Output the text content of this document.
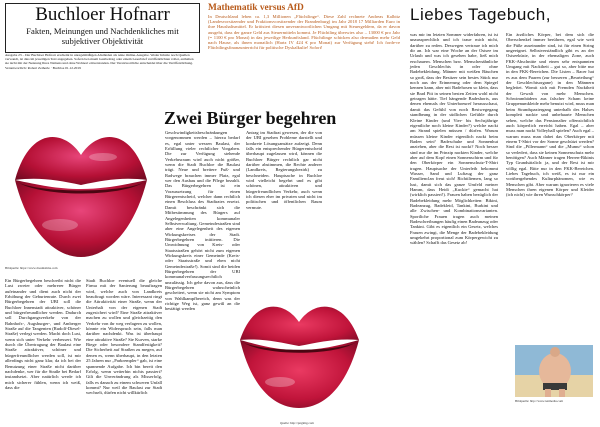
Buchloer Hofnarr
Fakten, Meinungen und Nachdenkliches mit subjektiver Objektivität
Ausgabe 23 – Der Buchloer Hofnarr erscheint in unregelmäßigen Abständen als reine Online-Ausgabe. Weder Inhalte noch Quellen verwandt, ist dies im jeweiligen Text angegeben. Sofern bei einem Gastbeitrag oder einem Leserbrief veröffentlichten voller, enthalten sie nicht mit der Nennung Ihres Namens und ohne Wohnort einverstanden. Der Verantwortliche entscheidet über die Veröffentlichung. Verantwortlich: Robert Zeiherle · Buchloe 01.12.2019
Mathematik versus AfD
In Deutschland leben ca. 1,3 Millionen „Flüchtlinge“. Diese Zahl rechnete Andreas Kalbitz (Landesvorsitzender und Fraktionsvorsitzender der Brandenburg) im Jahr 2018 17 Milliarden Euro in ihre Haushaltsmittel. Er kritisiert diesen unverantwortlichen Umgang mit Steuergeldern, da er davon ausgeht, dass der ganze Geld aus Steuermitteln kommt. Je Flüchtling überwies also – 13000 € pro Jahr (= 1100 € pro Monat) in das jeweilige Herkunftsland. Flüchtlinge schicken also dermaßen mehr Geld nach Hause, als ihnen monatlich (Hartz IV 424 € pro Monat) zur Verfügung steht! Ich forde-re Flüchtlingsfinanzunterricht für politische Dyskalkulie! Sofort!
Liebes Tagebuch,
Bildquelle: https://www.dreamstime.com
Zwei Bürger begehren
Quelle: http://pngimg.com

Ein Bürgerbegehren beschreibt nicht die Lust zweier oder mehrerer Bürger aufeinander und dient auch nicht der Erhöhung der Geburtenrate. Durch zwei Bürgerbegehren der UBI soll die Buchloer Innenstadt attraktiver, schöner und bürgerfreundlicher werden. Dadurch soll Durchgangsverkehr von der Bahnhofs-, Augsburger-, und Amberger Straße auf die Tangenten (Rudolf-Diesel-Straße) verlegt werden. Macht doch Lust, wenn sich unter Verkehr verbessert. Wie durch die Übertragung der Baulast eine Straße attraktiver, schöner und bürgerfreundlicher werden soll, ist mir allerdings nicht ganz klar, da ich bei der Benutzung einer Straße nicht darüber nachdenke, wer für die Straße bei Bedarf instandsetzt. Aber natürlich werde ich mich sicherer fühlen, wenn ich weiß, dass die

Stadt Buchloe eventuell die gleiche Firma mit der Sanierung beauftragen wird, welche auch von Landkreis beauftragt worden wäre. Interessant ringt die Attraktivität einer Straße, wenn der Unterhalt von der eigenen Stadt zugesichert wird? Eine Straße attraktiver machen zu wollen und gleichzeitig den Verkehr von ihr weg verlagern zu wollen, könnte ein Widerspruch sein, falls man darüber nachdenkt. Was ist überhaupt eine attraktive Straße? Sie Kurven, starke Biege oder besondere Standfestigkeit? Die Sicherheit auf Straßen zu megen, auf denen es, wenn überhaupt, in den letzten 25 Jahren nur „Parkrempler“ gab, ist eine spannende Aufgabe. Ich bin bereit den Erfolg, wenn weiterhin nichts passiert? Gilt die Unverändrung als Misserfolg, falls es danach zu einem schweren Unfall kommt? Nur weil die Baulast zur Stadt wechselt, dürfen nicht willkürlich

Geschwindigkeitsbeschränkungen vorgenommen werden – hierzu bedarf es, egal unter wessen Baulast, der Erfüllung vieler rechtlicher Vorgaben. Die zur Verfügung stehende Verkehrsraum wird auch nicht größer, wenn die Stadt Buchloe die Baulast trägt. Neue und breitere Fuß- und Radwege brauchen immer Platz, egal wer den Ausbau und die Pflege bezahlt. Das Bürgerbegehren ist ein Voraussetzung für einen Bürgerentscheid, welcher dann rechtlich einen Beschluss des Stadtrates ersetzt. Damit beschränkt sich die Mitbestimmung des Bürgers auf Angelegenheiten kommunaler Selbstverwaltung. Gemeindestraßen sind aber eine Angelegenheit des eigenen Wirkungskreises der Stadt. Bürgerbegehren initiieren. Die Umwidmung von Kreis- oder Staatsstraßen gehört nicht zum eigenen Wirkungskreis einer Gemeinde (Kreis- oder Staatsstraße und eben nicht Gemeindestraße!). Somit sind die beiden Bürgerbegehren der UBI kommunalverfassungsrechtlich unzulässig. Ich gehe davon aus, dass die Bürgerbegehren wahrscheinlich gescheitert, wenn sie nicht am Symptom von Wahlkampfbereich, denn was der richtige Weg ist, ganz gewiß an die bestätigt werden

Antrag im Stadtrat gewesen, der die von der UBI gesehen Probleme darstellt und konkrete Lösungsansätze aufzeigt. Denn falls ein entsprechender Bürgerentscheid überhaupt zugelassen wird, können die Buchloer Bürger rechtlich gar nicht darüber abstimmen, die Rechte anderer (Landkreis, Regierungsbezirk) zu beschneiden. Hauptsache in Buchloe wird vielleicht begehrt und es gibt schönen, attraktiven und bürgerfreundlichen Verkehr, auch wenn ich diesen eher im privaten und nicht im politischen und öffentlichen Raum vermute.

was mir im letzten Sommer widerfahren, ist ist unaussprechlich und ich traue mich nicht, darüber zu reden. Deswegen vertraue ich mich dir an. Ich war eine Woche an der Ostsee im Urlaub und was ich gesehen habe, ließ mich erschauern. Menschen bzw. Menschenähnliche jeden Geschlechts in oder ohne Badebekleidung. Männer mit weißen Bäuchen so groß, dass der Besitzer sein bestes Stück nur noch aus der Erinnerung oder dem Spiegel kennen kann, aber mit Badehosen so klein, dass sie Brad Pitt in seinen besten Zeiten wohl nicht getragen hätte. Tief hängende Badeshorts, aus denen ehemals der Unterboeuref herausschaut, damit das Gefühl von noch Restwegegang standbeang in der südlichen Gefühle durch Kleine Kinder (und Vier- bis Sechsjährige eigentliche noch kleine Kinder?) welche nackt am Strand spielen müssen / dürfen. Warum müssen kleine Kinder eigentlich nackt beim Baden sein? Badeschuhe und Sonnenhut anziehen, aber die Rest ist nackt? Noch besser sind nur die im Prinzip nackten Kinder, welche aber auf dem Kopf einen Sonnenschirm und für den Oberkörper ein Sonnenschutz-T-Shirt tragen. Hauptsache der Unterleib bekommt Wasser, Sand und Luftzug der ganz Familienclan freut sich! Richtiliemen, lang so lust, damit sich das ganze Umfeld meiner Hamm, dass Heidi „Kuckie“ gemacht hat (wirklich passiert!). Frauen haben bezüglich der Badebekleidung mehr Möglichkeiten: Bikini, Badeanzug, Badekleid, Tankini, Burkini und alle Zwischen- und Kombinationsvarianten. Sportliche Frauen tragen auch meinen Badeschreibungen häufig einen Badeanzug oder Tankini. Gibt es eigentlich ein Gesetz, welches Frauen zwingt, die Menge der Badebekleidung umgekehrt proportional zum Körpergewicht zu wählen? Schafft das Gesetz ab!

Ein ärztliches Körper, bei dem sich die Oberschenkel immer berühren, egal wie weit die Füße auseinander sind, ist für einen String ungeeignet. Selbstverständlich gibt es an der Ostseeküste, in der ehemaligen Zone, auch FKK-Abschnitte und einen sehr entspannten Umgang mit Nacktheit – gut so, aber bitte nur in den FKK-Bereichen. Die Listen – Racer hat es aus dem Paaren (zur besseren „Beurteilung“ der Geschlechtsorgane) in den Männern begleitet. Womit sich mit Fremden Nacktheit der Gewalt von mehr Menschen. Schwimmbädern aus falscher Scham keine Gruppenumkleide mehr benutzt wird, muss man beim Strandspaziergang unterhalb des Halses komplett nackte und unbehaarte Menschen sehen, welche das Pensionalter offensichtlich auch körperlich erreicht haben. Egal – aber muss man nackt Volleyball spielen? Auch egal – warum muss man dabei das Oberkörper mit einem T-Shirt vor der Sonne geschützt werden? Sind die „Pillermann“ und die „Mumu“ schon so verledert, dass sie keinen Sonnenschutz mehr benötigen? Auch Männer tragen Herren-Bikinis Typ Grundsätzlich: ja, und der Rest ist mir völlig egal. Bitte nur in den FKK-Bereichen. Liebes Tagebuch, ich weiß, es ist nur ein vorübergehendes Kulturphänomen, wie es Menschen gibt. Aber warum ignorieren es viele Menschen ihren eigenen Körper und Kleider (ich nicht) wie ihren Wunschkörper?

Bildquelle: http://www.tenmedia.com
